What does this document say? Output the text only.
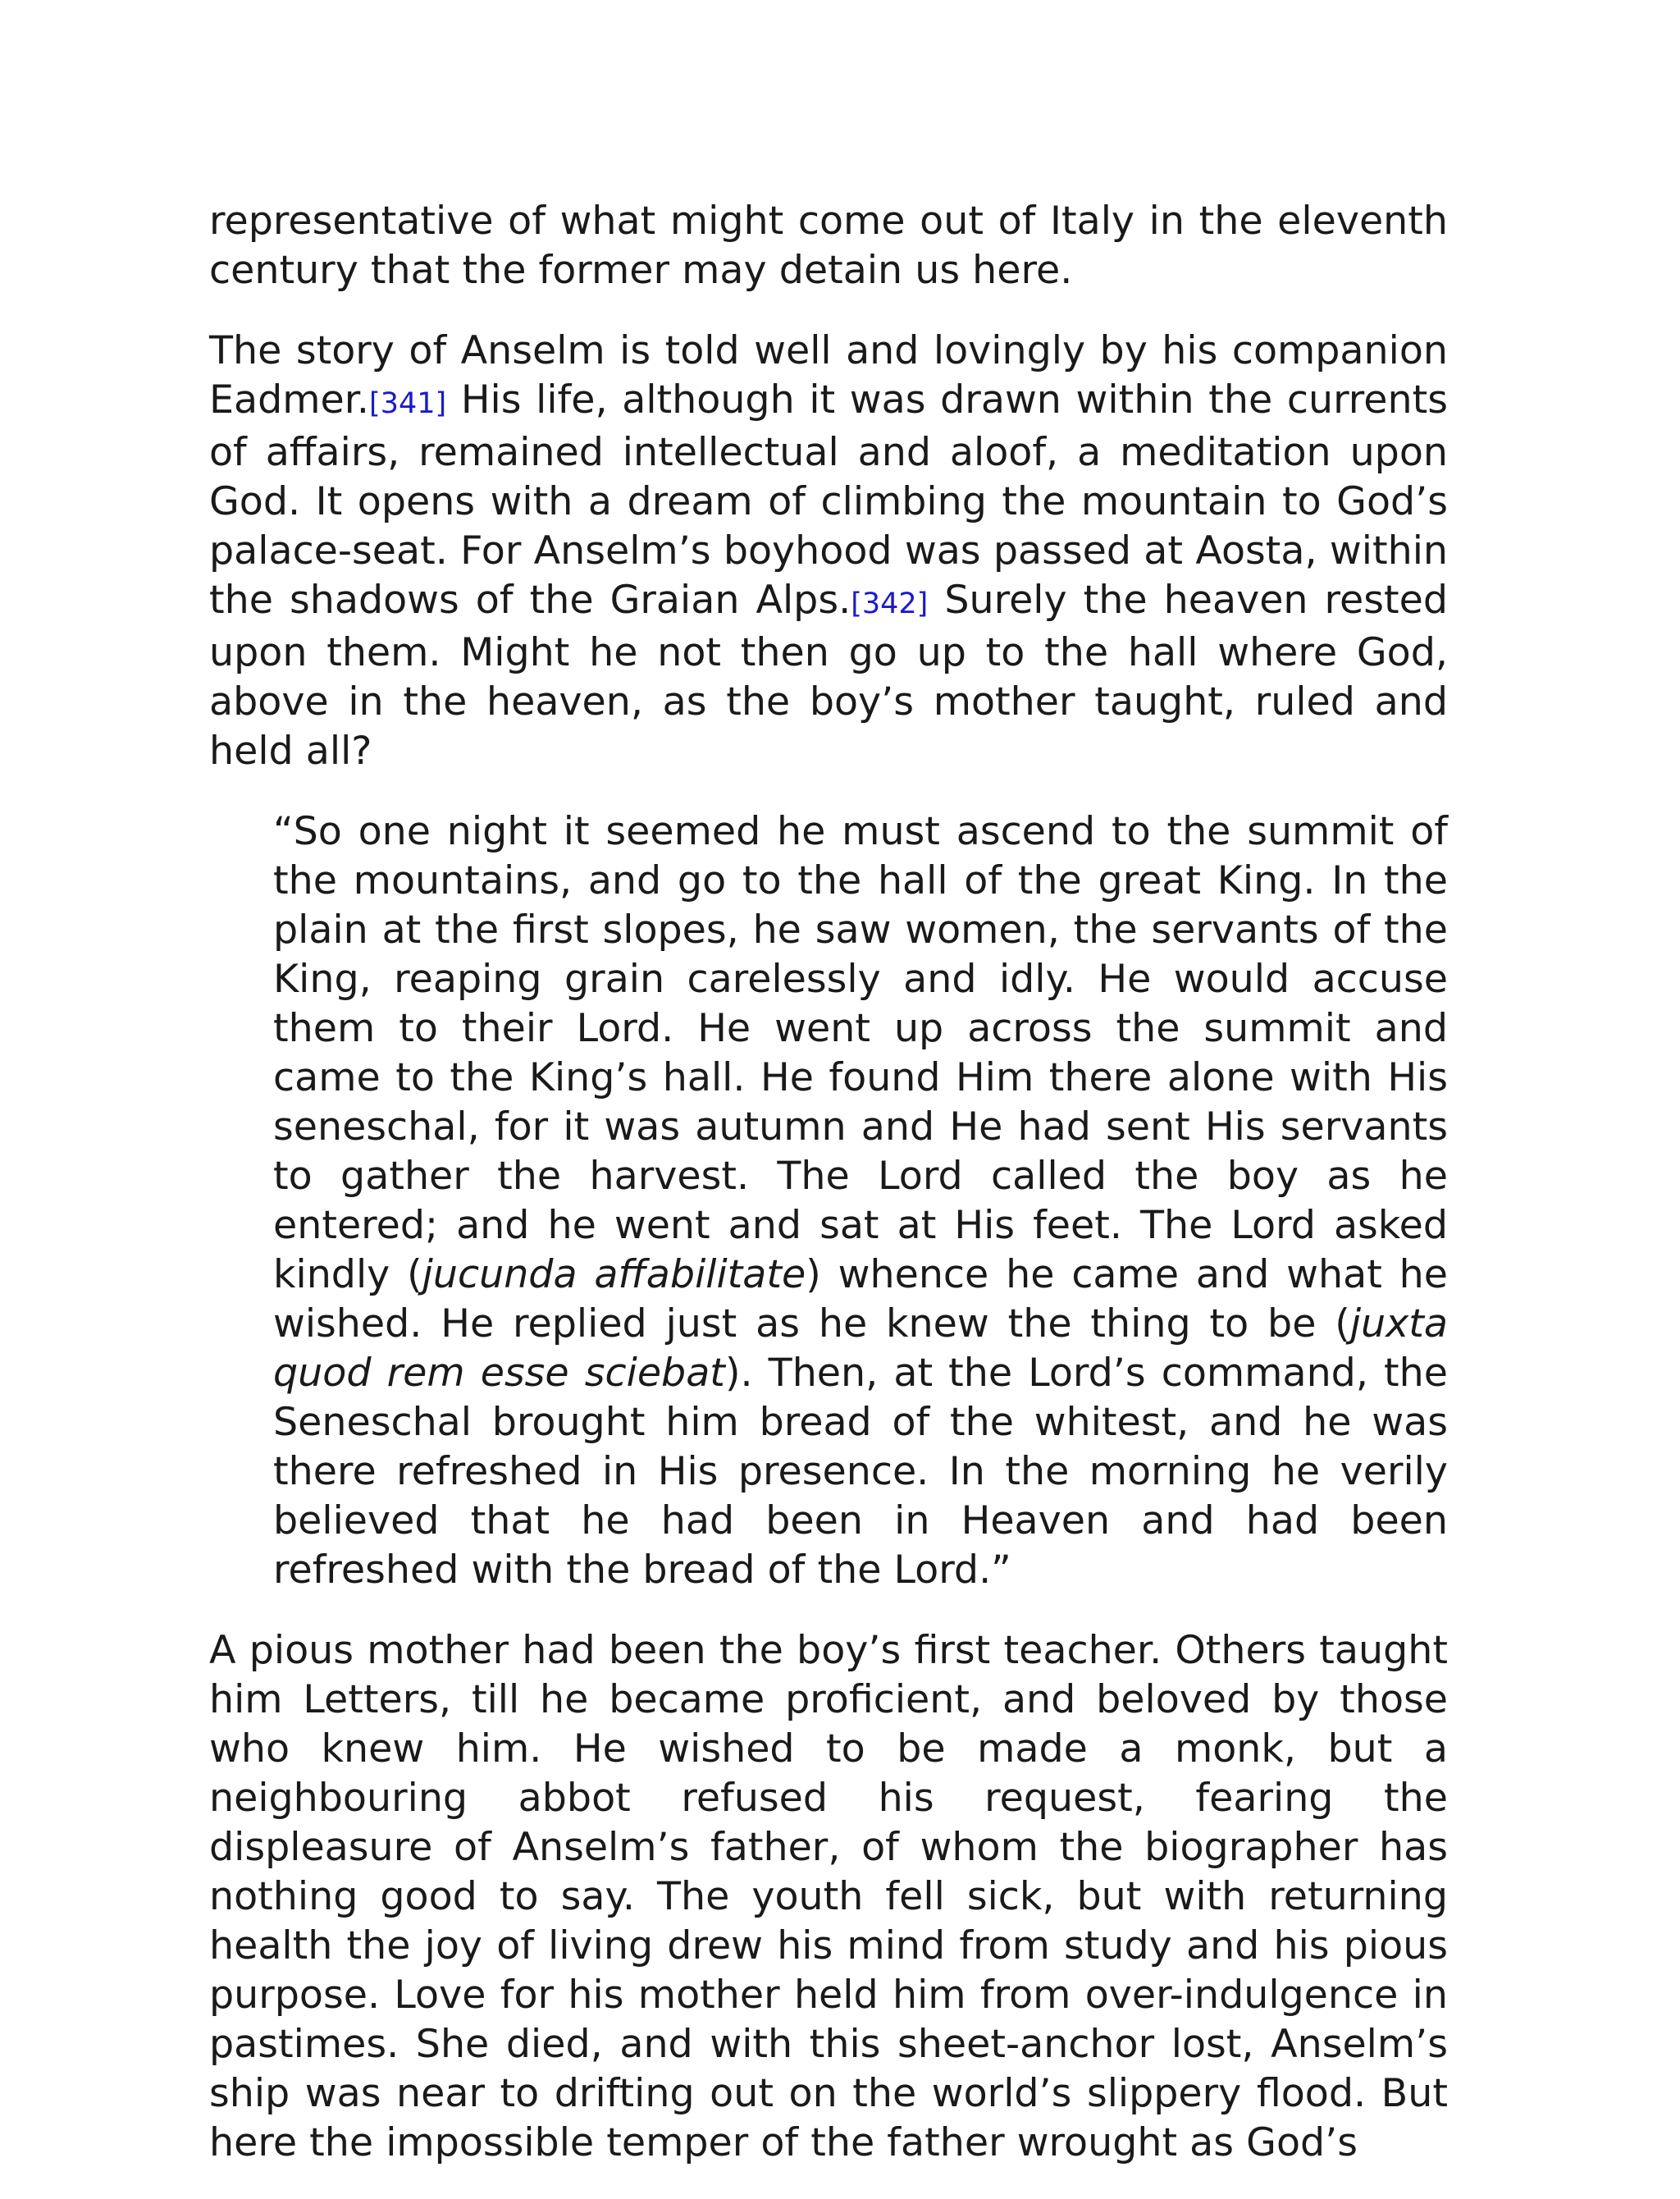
representative of what might come out of Italy in the eleventh century that the former may detain us here.

The story of Anselm is told well and lovingly by his companion Eadmer.[341] His life, although it was drawn within the currents of affairs, remained intellectual and aloof, a meditation upon God. It opens with a dream of climbing the mountain to God’s palace-seat. For Anselm’s boyhood was passed at Aosta, within the shadows of the Graian Alps.[342] Surely the heaven rested upon them. Might he not then go up to the hall where God, above in the heaven, as the boy’s mother taught, ruled and held all?

“So one night it seemed he must ascend to the summit of the mountains, and go to the hall of the great King. In the plain at the first slopes, he saw women, the servants of the King, reaping grain carelessly and idly. He would accuse them to their Lord. He went up across the summit and came to the King’s hall. He found Him there alone with His seneschal, for it was autumn and He had sent His servants to gather the harvest. The Lord called the boy as he entered; and he went and sat at His feet. The Lord asked kindly (jucunda affabilitate) whence he came and what he wished. He replied just as he knew the thing to be (juxta quod rem esse sciebat). Then, at the Lord’s command, the Seneschal brought him bread of the whitest, and he was there refreshed in His presence. In the morning he verily believed that he had been in Heaven and had been refreshed with the bread of the Lord.”

A pious mother had been the boy’s first teacher. Others taught him Letters, till he became proficient, and beloved by those who knew him. He wished to be made a monk, but a neighbouring abbot refused his request, fearing the displeasure of Anselm’s father, of whom the biographer has nothing good to say. The youth fell sick, but with returning health the joy of living drew his mind from study and his pious purpose. Love for his mother held him from over-indulgence in pastimes. She died, and with this sheet-anchor lost, Anselm’s ship was near to drifting out on the world’s slippery flood. But here the impossible temper of the father wrought as God’s
